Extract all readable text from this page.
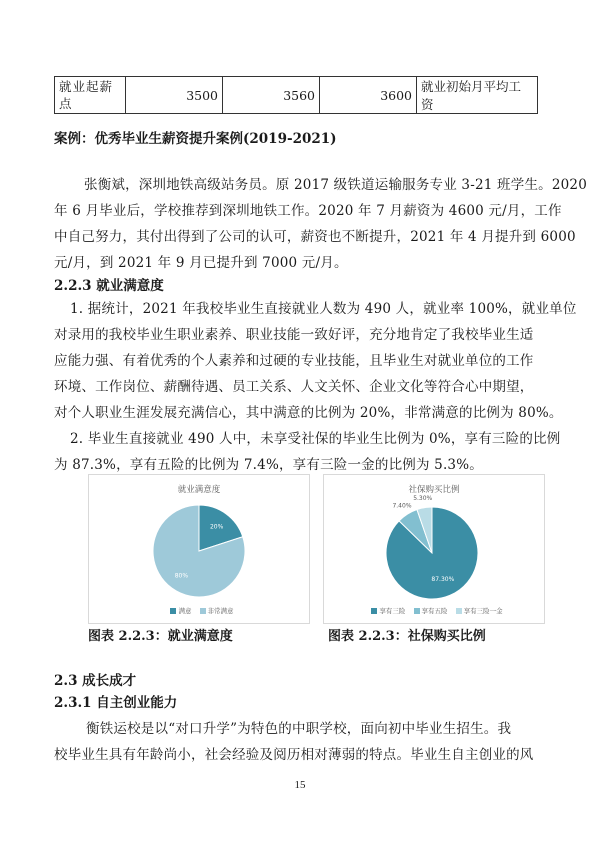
就业起薪
点	3500	3560	3600	就业初始月平均工资
案例：优秀毕业生薪资提升案例(2019-2021)
张衡斌，深圳地铁高级站务员。原 2017 级铁道运输服务专业 3-21 班学生。2020
年 6 月毕业后，学校推荐到深圳地铁工作。2020 年 7 月薪资为 4600 元/月，工作
中自己努力，其付出得到了公司的认可，薪资也不断提升，2021 年 4 月提升到 6000
元/月，到 2021 年 9 月已提升到 7000 元/月。
2.2.3 就业满意度
1. 据统计，2021 年我校毕业生直接就业人数为 490 人，就业率 100%，就业单位
对录用的我校毕业生职业素养、职业技能一致好评，充分地肯定了我校毕业生适
应能力强、有着优秀的个人素养和过硬的专业技能，且毕业生对就业单位的工作
环境、工作岗位、薪酬待遇、员工关系、人文关怀、企业文化等符合心中期望，
对个人职业生涯发展充满信心，其中满意的比例为 20%，非常满意的比例为 80%。
2. 毕业生直接就业 490 人中，未享受社保的毕业生比例为 0%，享有三险的比例
为 87.3%，享有五险的比例为 7.4%，享有三险一金的比例为 5.3%。
就业满意度
20%
80%
满意 非常满意
社保购买比例
87.30%
7.40%
5.30%
享有三险 享有五险 享有三险一金
图表 2.2.3：就业满意度	图表 2.2.3：社保购买比例
2.3 成长成才
2.3.1 自主创业能力
衡铁运校是以“对口升学”为特色的中职学校，面向初中毕业生招生。我
校毕业生具有年龄尚小，社会经验及阅历相对薄弱的特点。毕业生自主创业的风
15
